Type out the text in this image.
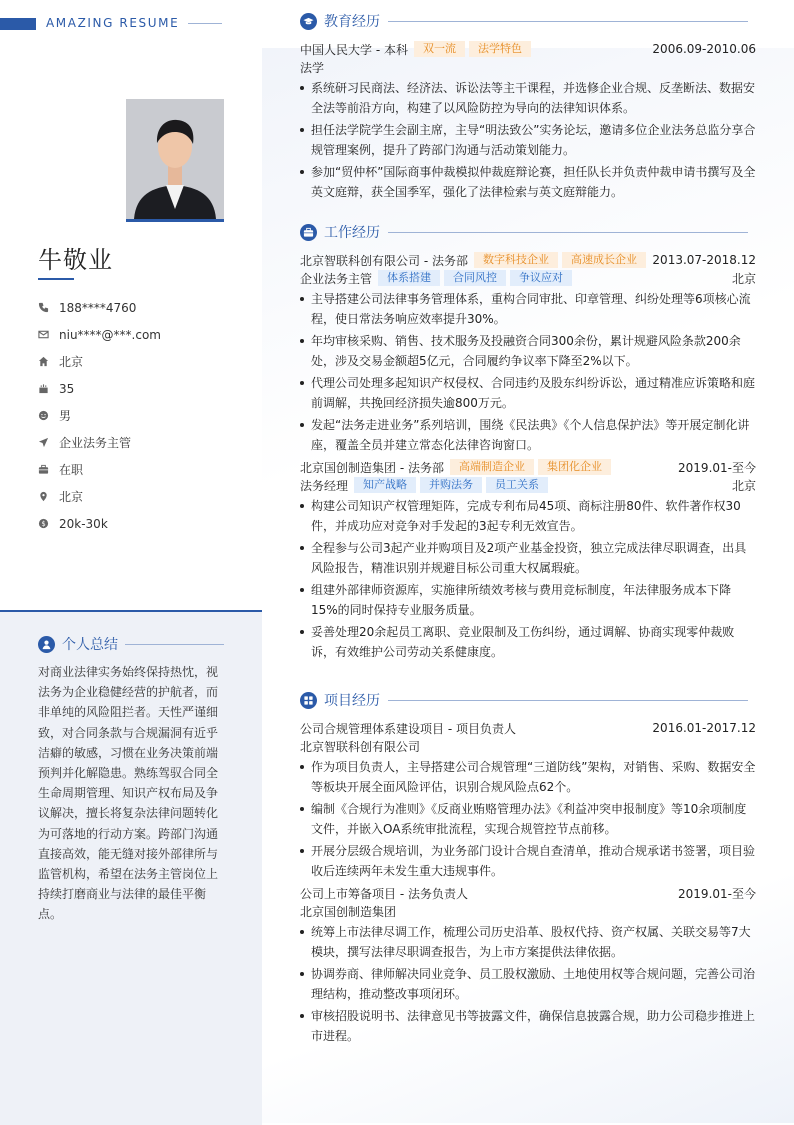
AMAZING RESUME
牛敬业
188****4760
niu****@***.com
北京
35
男
企业法务主管
在职
北京
$ 20k-30k
个人总结
对商业法律实务始终保持热忱，视法务为企业稳健经营的护航者，而非单纯的风险阻拦者。天性严谨细致，对合同条款与合规漏洞有近乎洁癖的敏感，习惯在业务决策前端预判并化解隐患。熟练驾驭合同全生命周期管理、知识产权布局及争议解决，擅长将复杂法律问题转化为可落地的行动方案。跨部门沟通直接高效，能无缝对接外部律所与监管机构，希望在法务主管岗位上持续打磨商业与法律的最佳平衡点。
教育经历
中国人民大学 - 本科	双一流	法学特色	2006.09-2010.06
法学
系统研习民商法、经济法、诉讼法等主干课程，并选修企业合规、反垄断法、数据安全法等前沿方向，构建了以风险防控为导向的法律知识体系。
担任法学院学生会副主席，主导“明法致公”实务论坛，邀请多位企业法务总监分享合规管理案例，提升了跨部门沟通与活动策划能力。
参加“贸仲杯”国际商事仲裁模拟仲裁庭辩论赛，担任队长并负责仲裁申请书撰写及全英文庭辩，获全国季军，强化了法律检索与英文庭辩能力。
工作经历
北京智联科创有限公司 - 法务部	数字科技企业	高速成长企业	2013.07-2018.12
企业法务主管	体系搭建	合同风控	争议应对	北京
主导搭建公司法律事务管理体系，重构合同审批、印章管理、纠纷处理等6项核心流程，使日常法务响应效率提升30%。
年均审核采购、销售、技术服务及投融资合同300余份，累计规避风险条款200余处，涉及交易金额超5亿元，合同履约争议率下降至2%以下。
代理公司处理多起知识产权侵权、合同违约及股东纠纷诉讼，通过精准应诉策略和庭前调解，共挽回经济损失逾800万元。
发起“法务走进业务”系列培训，围绕《民法典》《个人信息保护法》等开展定制化讲座，覆盖全员并建立常态化法律咨询窗口。
北京国创制造集团 - 法务部	高端制造企业	集团化企业	2019.01-至今
法务经理	知产战略	并购法务	员工关系	北京
构建公司知识产权管理矩阵，完成专利布局45项、商标注册80件、软件著作权30件，并成功应对竞争对手发起的3起专利无效宣告。
全程参与公司3起产业并购项目及2项产业基金投资，独立完成法律尽职调查，出具风险报告，精准识别并规避目标公司重大权属瑕疵。
组建外部律师资源库，实施律所绩效考核与费用竞标制度，年法律服务成本下降15%的同时保持专业服务质量。
妥善处理20余起员工离职、竞业限制及工伤纠纷，通过调解、协商实现零仲裁败诉，有效维护公司劳动关系健康度。
项目经历
公司合规管理体系建设项目 - 项目负责人	2016.01-2017.12
北京智联科创有限公司
作为项目负责人，主导搭建公司合规管理“三道防线”架构，对销售、采购、数据安全等板块开展全面风险评估，识别合规风险点62个。
编制《合规行为准则》《反商业贿赂管理办法》《利益冲突申报制度》等10余项制度文件，并嵌入OA系统审批流程，实现合规管控节点前移。
开展分层级合规培训，为业务部门设计合规自查清单，推动合规承诺书签署，项目验收后连续两年未发生重大违规事件。
公司上市筹备项目 - 法务负责人	2019.01-至今
北京国创制造集团
统筹上市法律尽调工作，梳理公司历史沿革、股权代持、资产权属、关联交易等7大模块，撰写法律尽职调查报告，为上市方案提供法律依据。
协调券商、律师解决同业竞争、员工股权激励、土地使用权等合规问题，完善公司治理结构，推动整改事项闭环。
审核招股说明书、法律意见书等披露文件，确保信息披露合规，助力公司稳步推进上市进程。
